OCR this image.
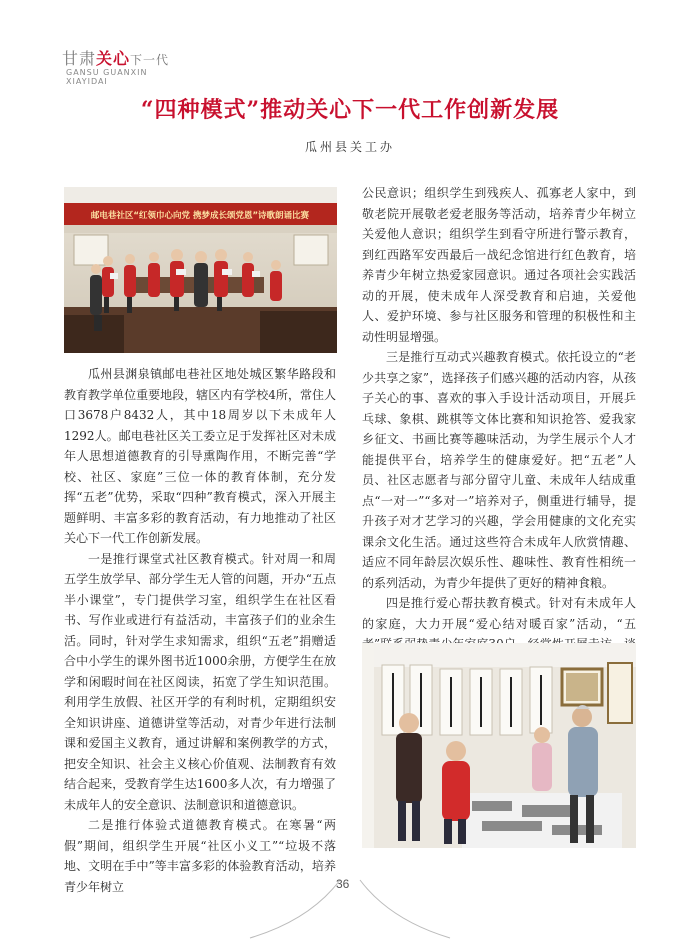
甘肃关心下一代
GANSU GUANXIN
XIAYIDAI
“四种模式”推动关心下一代工作创新发展
瓜州县关工办
邮电巷社区“红领巾心向党 携梦成长颂党恩”诗歌朗诵比赛

瓜州县渊泉镇邮电巷社区地处城区繁华路段和教育教学单位重要地段，辖区内有学校4所，常住人口3678户8432人，其中18周岁以下未成年人1292人。邮电巷社区关工委立足于发挥社区对未成年人思想道德教育的引导熏陶作用，不断完善“学校、社区、家庭”三位一体的教育体制，充分发挥“五老”优势，采取“四种”教育模式，深入开展主题鲜明、丰富多彩的教育活动，有力地推动了社区关心下一代工作创新发展。

一是推行课堂式社区教育模式。针对周一和周五学生放学早、部分学生无人管的问题，开办“五点半小课堂”，专门提供学习室，组织学生在社区看书、写作业或进行有益活动，丰富孩子们的业余生活。同时，针对学生求知需求，组织“五老”捐赠适合中小学生的课外图书近1000余册，方便学生在放学和闲暇时间在社区阅读，拓宽了学生知识范围。利用学生放假、社区开学的有利时机，定期组织安全知识讲座、道德讲堂等活动，对青少年进行法制课和爱国主义教育，通过讲解和案例教学的方式，把安全知识、社会主义核心价值观、法制教育有效结合起来，受教育学生达1600多人次，有力增强了未成年人的安全意识、法制意识和道德意识。

二是推行体验式道德教育模式。在寒暑“两假”期间，组织学生开展“社区小义工”“垃圾不落地、文明在手中”等丰富多彩的体验教育活动，培养青少年树立

公民意识；组织学生到残疾人、孤寡老人家中，到敬老院开展敬老爱老服务等活动，培养青少年树立关爱他人意识；组织学生到看守所进行警示教育，到红西路军安西最后一战纪念馆进行红色教育，培养青少年树立热爱家园意识。通过各项社会实践活动的开展，使未成年人深受教育和启迪，关爱他人、爱护环境、参与社区服务和管理的积极性和主动性明显增强。

三是推行互动式兴趣教育模式。依托设立的“老少共享之家”，选择孩子们感兴趣的活动内容，从孩子关心的事、喜欢的事入手设计活动项目，开展乒乓球、象棋、跳棋等文体比赛和知识抢答、爱我家乡征文、书画比赛等趣味活动，为学生展示个人才能提供平台，培养学生的健康爱好。把“五老”人员、社区志愿者与部分留守儿童、未成年人结成重点“一对一”“多对一”培养对子，侧重进行辅导，提升孩子对才艺学习的兴趣，学会用健康的文化充实课余文化生活。通过这些符合未成年人欣赏情趣、适应不同年龄层次娱乐性、趣味性、教育性相统一的系列活动，为青少年提供了更好的精神食粮。

四是推行爱心帮扶教育模式。针对有未成年人的家庭，大力开展“爱心结对暖百家”活动，“五

36
